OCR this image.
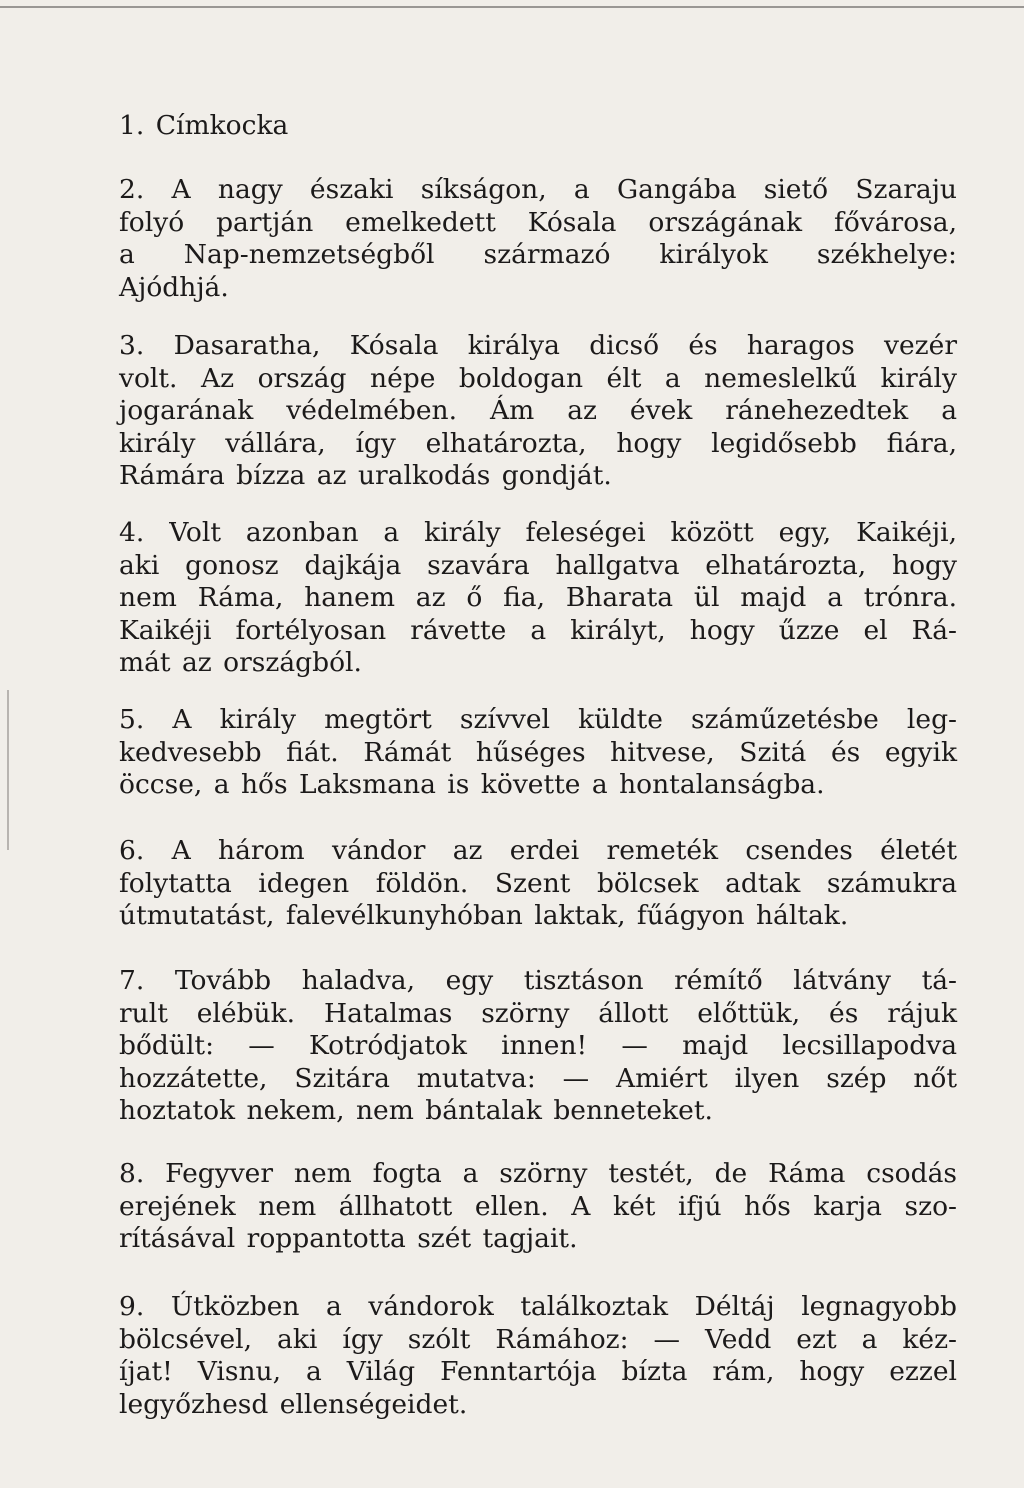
1. Címkocka

2. A nagy északi síkságon, a Gangába siető Szaraju
folyó partján emelkedett Kósala országának fővárosa,
a Nap-nemzetségből származó királyok székhelye:
Ajódhjá.

3. Dasaratha, Kósala királya dicső és haragos vezér
volt. Az ország népe boldogan élt a nemeslelkű király
jogarának védelmében. Ám az évek ránehezedtek a
király vállára, így elhatározta, hogy legidősebb fiára,
Rámára bízza az uralkodás gondját.

4. Volt azonban a király feleségei között egy, Kaikéji,
aki gonosz dajkája szavára hallgatva elhatározta, hogy
nem Ráma, hanem az ő fia, Bharata ül majd a trónra.
Kaikéji fortélyosan rávette a királyt, hogy űzze el Rá-
mát az országból.

5. A király megtört szívvel küldte száműzetésbe leg-
kedvesebb fiát. Rámát hűséges hitvese, Szitá és egyik
öccse, a hős Laksmana is követte a hontalanságba.

6. A három vándor az erdei remeték csendes életét
folytatta idegen földön. Szent bölcsek adtak számukra
útmutatást, falevélkunyhóban laktak, fűágyon háltak.

7. Tovább haladva, egy tisztáson rémítő látvány tá-
rult elébük. Hatalmas szörny állott előttük, és rájuk
bődült: — Kotródjatok innen! — majd lecsillapodva
hozzátette, Szitára mutatva: — Amiért ilyen szép nőt
hoztatok nekem, nem bántalak benneteket.

8. Fegyver nem fogta a szörny testét, de Ráma csodás
erejének nem állhatott ellen. A két ifjú hős karja szo-
rításával roppantotta szét tagjait.

9. Útközben a vándorok találkoztak Déltáj legnagyobb
bölcsével, aki így szólt Rámához: — Vedd ezt a kéz-
íjat! Visnu, a Világ Fenntartója bízta rám, hogy ezzel
legyőzhesd ellenségeidet.
